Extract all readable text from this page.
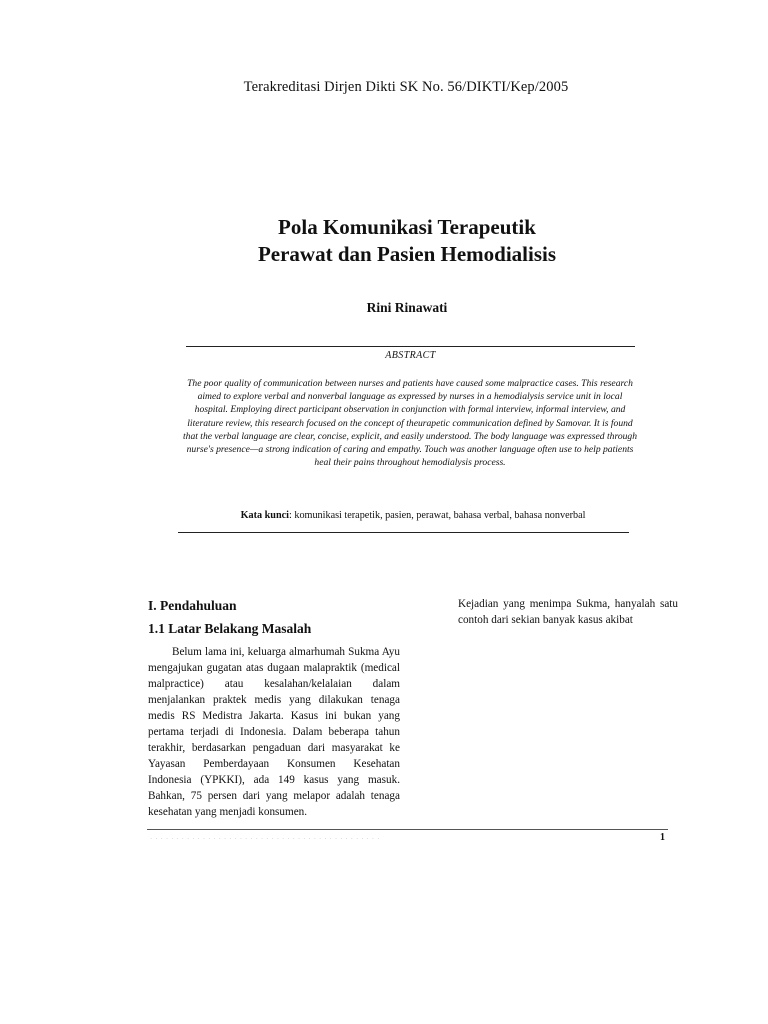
Terakreditasi Dirjen Dikti SK No. 56/DIKTI/Kep/2005
Pola Komunikasi Terapeutik
Perawat dan Pasien Hemodialisis
Rini Rinawati
ABSTRACT
The poor quality of communication between nurses and patients have caused some malpractice cases. This research aimed to explore verbal and nonverbal language as expressed by nurses in a hemodialysis service unit in local hospital. Employing direct participant observation in conjunction with formal interview, informal interview, and literature review, this research focused on the concept of theurapetic communication defined by Samovar. It is found that the verbal language are clear, concise, explicit, and easily understood. The body language was expressed through nurse's presence—a strong indication of caring and empathy. Touch was another language often use to help patients heal their pains throughout hemodialysis process.
Kata kunci: komunikasi terapetik, pasien, perawat, bahasa verbal, bahasa nonverbal
I. Pendahuluan
1.1 Latar Belakang Masalah

Belum lama ini, keluarga almarhumah Sukma Ayu mengajukan gugatan atas dugaan malapraktik (medical malpractice) atau kesalahan/kelalaian dalam menjalankan praktek medis yang dilakukan tenaga medis RS Medistra Jakarta. Kasus ini bukan yang pertama terjadi di Indonesia. Dalam beberapa tahun terakhir, berdasarkan pengaduan dari masyarakat ke Yayasan Pemberdayaan Konsumen Kesehatan Indonesia (YPKKI), ada 149 kasus yang masuk. Bahkan, 75 persen dari yang melapor adalah tenaga kesehatan yang menjadi konsumen.

Kejadian yang menimpa Sukma, hanyalah satu contoh dari sekian banyak kasus akibat

· · · · · · · · · · · · · · · · · · · · · · · · · · · · · · · · · · · · · · · · · · · ·	1
